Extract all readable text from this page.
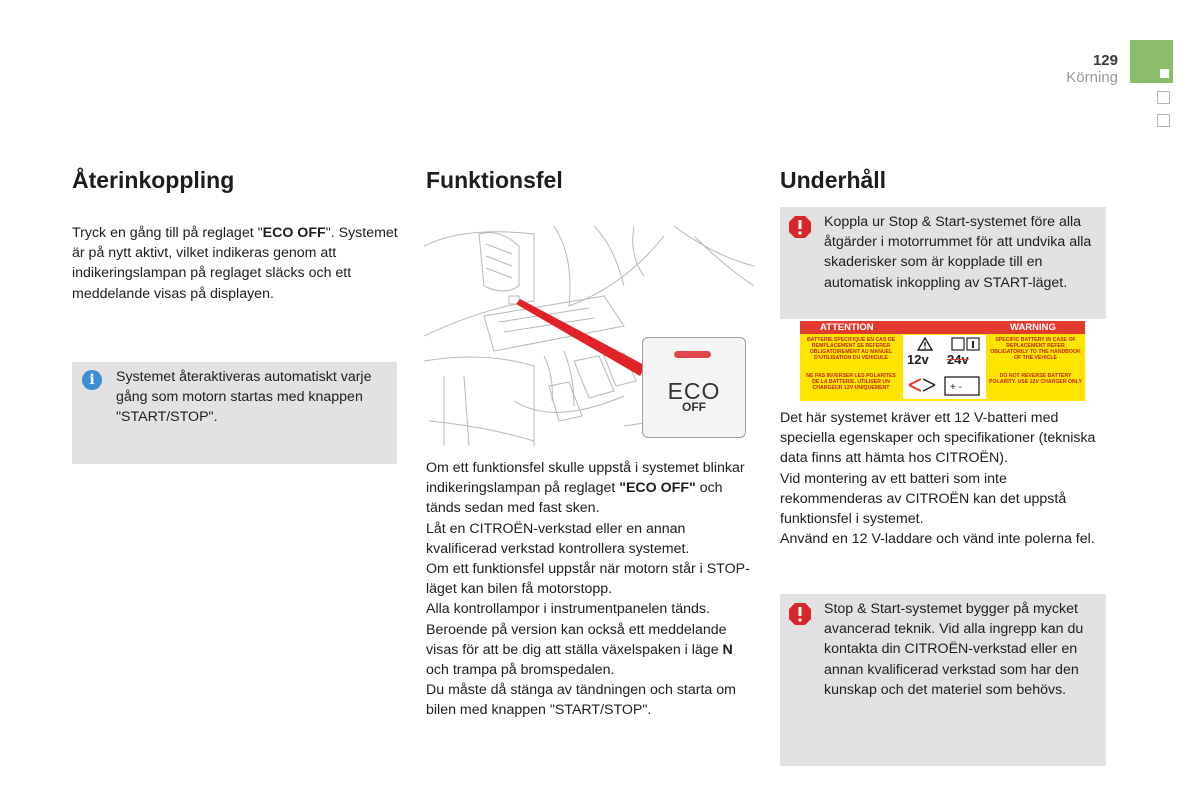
129
Körning
Återinkoppling
Tryck en gång till på reglaget "ECO OFF". Systemet är på nytt aktivt, vilket indikeras genom att indikeringslampan på reglaget släcks och ett meddelande visas på displayen.
i	Systemet återaktiveras automatiskt varje gång som motorn startas med knappen "START/STOP".
Funktionsfel
ECO
OFF
Om ett funktionsfel skulle uppstå i systemet blinkar indikeringslampan på reglaget "ECO OFF" och tänds sedan med fast sken.
Låt en CITROËN-verkstad eller en annan kvalificerad verkstad kontrollera systemet.
Om ett funktionsfel uppstår när motorn står i STOP-läget kan bilen få motorstopp.
Alla kontrollampor i instrumentpanelen tänds. Beroende på version kan också ett meddelande visas för att be dig att ställa växelspaken i läge N och trampa på bromspedalen.
Du måste då stänga av tändningen och starta om bilen med knappen "START/STOP".
Underhåll
Koppla ur Stop & Start-systemet före alla åtgärder i motorrummet för att undvika alla skaderisker som är kopplade till en automatisk inkoppling av START-läget.
ATTENTION	WARNING
BATTERIE SPECIFIQUE EN CAS DE REMPLACEMENT SE REFERER OBLIGATOIREMENT AU MANUEL D'UTILISATION DU VEHICULE
NE PAS INVERSER LES POLARITES DE LA BATTERIE. UTILISER UN CHARGEUR 12V UNIQUEMENT
SPECIFIC BATTERY IN CASE OF REPLACEMENT REFER OBLIGATORILY TO THE HANDBOOK OF THE VEHICLE
DO NOT REVERSE BATTERY POLARITY. USE 12V CHARGER ONLY
12v 24v
+ -
Det här systemet kräver ett 12 V-batteri med speciella egenskaper och specifikationer (tekniska data finns att hämta hos CITROËN).
Vid montering av ett batteri som inte rekommenderas av CITROËN kan det uppstå funktionsfel i systemet.
Använd en 12 V-laddare och vänd inte polerna fel.
Stop & Start-systemet bygger på mycket avancerad teknik. Vid alla ingrepp kan du kontakta din CITROËN-verkstad eller en annan kvalificerad verkstad som har den kunskap och det materiel som behövs.
